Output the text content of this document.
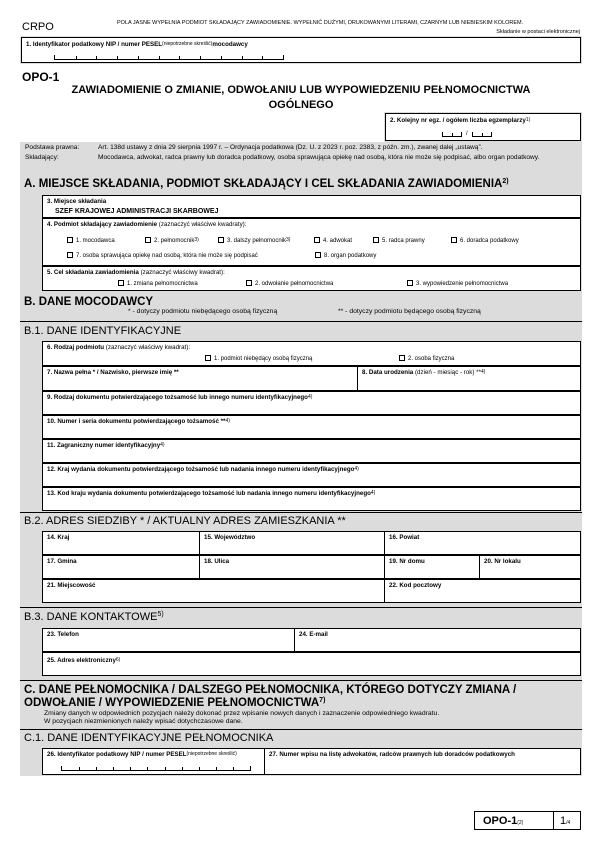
CRPO	POLA JASNE WYPEŁNIA PODMIOT SKŁADAJĄCY ZAWIADOMIENIE. WYPEŁNIĆ DUŻYMI, DRUKOWANYMI LITERAMI, CZARNYM LUB NIEBIESKIM KOLOREM.
Składanie w postaci elektronicznej
1. Identyfikator podatkowy NIP / numer $PESEL^{(niepotrzebne skreślić)}mocodawcy$
OPO-1
ZAWIADOMIENIE O ZMIANIE, ODWOŁANIU LUB WYPOWIEDZENIU PEŁNOMOCNICTWA
OGÓLNEGO
2. Kolejny nr egz. / ogółem liczba egzemplarzy$^{1)}$
/
Podstawa prawna:	Art. 138d ustawy z dnia 29 sierpnia 1997 r. – Ordynacja podatkowa (Dz. U. z 2023 r. poz. 2383, z późn. zm.), zwanej dalej „ustawą”.
Składający:	Mocodawca, adwokat, radca prawny lub doradca podatkowy, osoba sprawująca opiekę nad osobą, która nie może się podpisać, albo organ podatkowy.
A. MIEJSCE SKŁADANIA, PODMIOT SKŁADAJĄCY I CEL SKŁADANIA ZAWIADOMIENIA$^{2)}$
3. Miejsce składania
SZEF KRAJOWEJ ADMINISTRACJI SKARBOWEJ
4. Podmiot składający zawiadomienie (zaznaczyć właściwe kwadraty):
1. mocodawca	2. pełnomocnik$^{3)}$	3. dalszy pełnomocnik$^{3)}$	4. adwokat	5. radca prawny	6. doradca podatkowy
7. osoba sprawująca opiekę nad osobą, która nie może się podpisać	8. organ podatkowy
5. Cel składania zawiadomienia (zaznaczyć właściwy kwadrat):
1. zmiana pełnomocnictwa	2. odwołanie pełnomocnictwa	3. wypowiedzenie pełnomocnictwa
B. DANE MOCODAWCY
* - dotyczy podmiotu niebędącego osobą fizyczną	** - dotyczy podmiotu będącego osobą fizyczną
B.1. DANE IDENTYFIKACYJNE
6. Rodzaj podmiotu (zaznaczyć właściwy kwadrat):
1. podmiot niebędący osobą fizyczną	2. osoba fizyczna
7. Nazwa pełna * / Nazwisko, pierwsze imię **	8. Data urodzenia (dzień - miesiąc - rok) **$^{4)}$
9. Rodzaj dokumentu potwierdzającego tożsamość lub innego numeru identyfikacyjnego$^{4)}$
10. Numer i seria dokumentu potwierdzającego tożsamość **$^{4)}$
11. Zagraniczny numer identyfikacyjny$^{4)}$
12. Kraj wydania dokumentu potwierdzającego tożsamość lub nadania innego numeru identyfikacyjnego$^{4)}$
13. Kod kraju wydania dokumentu potwierdzającego tożsamość lub nadania innego numeru identyfikacyjnego$^{4)}$
B.2. ADRES SIEDZIBY * / AKTUALNY ADRES ZAMIESZKANIA **
14. Kraj	15. Województwo	16. Powiat
17. Gmina	18. Ulica	19. Nr domu	20. Nr lokalu
21. Miejscowość	22. Kod pocztowy
B.3. DANE KONTAKTOWE$^{5)}$
23. Telefon	24. E-mail
25. Adres elektroniczny$^{6)}$
C. DANE PEŁNOMOCNIKA / DALSZEGO PEŁNOMOCNIKA, KTÓREGO DOTYCZY ZMIANA /
ODWOŁANIE / WYPOWIEDZENIE PEŁNOMOCNICTWA$^{7)}$
Zmiany danych w odpowiednich pozycjach należy dokonać przez wpisanie nowych danych i zaznaczenie odpowiedniego kwadratu.
W pozycjach niezmienionych należy wpisać dotychczasowe dane.
C.1. DANE IDENTYFIKACYJNE PEŁNOMOCNIKA
26. Identyfikator podatkowy NIP / numer $PESEL^{(niepotrzebne skreślić)}$	27. Numer wpisu na listę adwokatów, radców prawnych lub doradców podatkowych
OPO-1(2)	1/4
